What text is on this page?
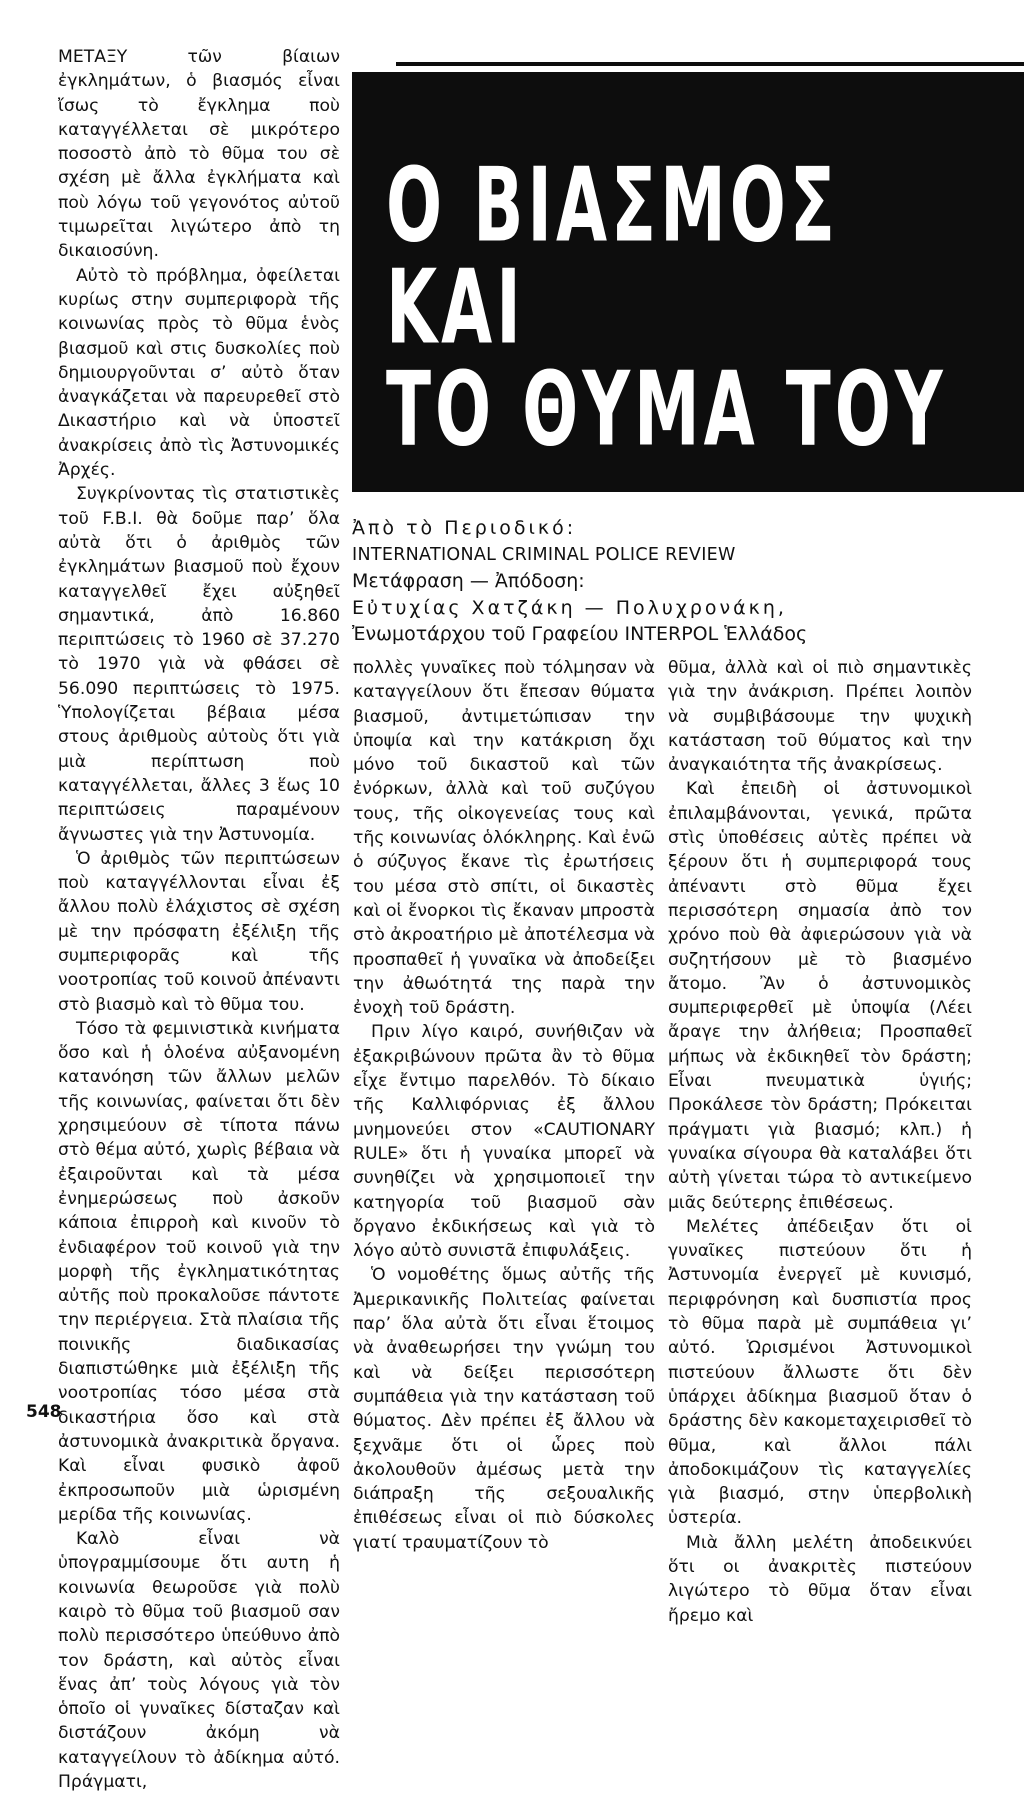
ΜΕΤΑΞΥ τῶν βίαιων ἐγκλημάτων, ὁ βιασμός εἶναι ἴσως τὸ ἔγκλημα ποὺ καταγγέλλεται σὲ μικρότερο ποσοστὸ ἀπὸ τὸ θῦμα του σὲ σχέση μὲ ἄλλα ἐγκλήματα καὶ ποὺ λόγω τοῦ γεγονότος αὐτοῦ τιμωρεῖται λιγώτερο ἀπὸ τη δικαιοσύνη.

Αὐτὸ τὸ πρόβλημα, ὀφείλεται κυρίως στην συμπεριφορὰ τῆς κοινωνίας πρὸς τὸ θῦμα ἑνὸς βιασμοῦ καὶ στις δυσκολίες ποὺ δημιουργοῦνται σ’ αὐτὸ ὅταν ἀναγκάζεται νὰ παρευρεθεῖ στὸ Δικαστήριο καὶ νὰ ὑποστεῖ ἀνακρίσεις ἀπὸ τὶς Ἀστυνομικές Ἀρχές.

Συγκρίνοντας τὶς στατιστικὲς τοῦ F.B.I. θὰ δοῦμε παρ’ ὅλα αὐτὰ ὅτι ὁ ἀριθμὸς τῶν ἐγκλημάτων βιασμοῦ ποὺ ἔχουν καταγγελθεῖ ἔχει αὐξηθεῖ σημαντικά, ἀπὸ 16.860 περιπτώσεις τὸ 1960 σὲ 37.270 τὸ 1970 γιὰ νὰ φθάσει σὲ 56.090 περιπτώσεις τὸ 1975. Ὑπολογίζεται βέβαια μέσα στους ἀριθμοὺς αὐτοὺς ὅτι γιὰ μιὰ περίπτωση ποὺ καταγγέλλεται, ἄλλες 3 ἕως 10 περιπτώσεις παραμένουν ἄγνωστες γιὰ την Ἀστυνομία.

Ὁ ἀριθμὸς τῶν περιπτώσεων ποὺ καταγγέλλονται εἶναι ἐξ ἄλλου πολὺ ἐλάχιστος σὲ σχέση μὲ την πρόσφατη ἐξέλιξη τῆς συμπεριφορᾶς καὶ τῆς νοοτροπίας τοῦ κοινοῦ ἀπέναντι στὸ βιασμὸ καὶ τὸ θῦμα του.

Τόσο τὰ φεμινιστικὰ κινήματα ὅσο καὶ ἡ ὁλοένα αὐξανομένη κατανόηση τῶν ἄλλων μελῶν τῆς κοινωνίας, φαίνεται ὅτι δὲν χρησιμεύουν σὲ τίποτα πάνω στὸ θέμα αὐτό, χωρὶς βέβαια νὰ ἐξαιροῦνται καὶ τὰ μέσα ἐνημερώσεως ποὺ ἀσκοῦν κάποια ἐπιρροὴ καὶ κινοῦν τὸ ἐνδιαφέρον τοῦ κοινοῦ γιὰ την μορφὴ τῆς ἐγκληματικότητας αὐτῆς ποὺ προκαλοῦσε πάντοτε την περιέργεια. Στὰ πλαίσια τῆς ποινικῆς διαδικασίας διαπιστώθηκε μιὰ ἐξέλιξη τῆς νοοτροπίας τόσο μέσα στὰ δικαστήρια ὅσο καὶ στὰ ἀστυνομικὰ ἀνακριτικὰ ὄργανα. Καὶ εἶναι φυσικὸ ἀφοῦ ἐκπροσωποῦν μιὰ ὡρισμένη μερίδα τῆς κοινωνίας.

Καλὸ εἶναι νὰ ὑπογραμμίσουμε ὅτι αυτη ἡ κοινωνία θεωροῦσε γιὰ πολὺ καιρὸ τὸ θῦμα τοῦ βιασμοῦ σαν πολὺ περισσότερο ὑπεύθυνο ἀπὸ τον δράστη, καὶ αὐτὸς εἶναι ἕνας ἀπ’ τοὺς λόγους γιὰ τὸν ὁποῖο οἱ γυναῖκες δίσταζαν καὶ διστάζουν ἀκόμη νὰ καταγγείλουν τὸ ἀδίκημα αὐτό. Πράγματι,

Ο ΒΙΑΣΜΟΣ
ΚΑΙ
ΤΟ ΘΥΜΑ ΤΟΥ
Ἀπὸ τὸ Περιοδικό:
INTERNATIONAL CRIMINAL POLICE REVIEW
Μετάφραση — Ἀπόδοση:
Εὐτυχίας Χατζάκη — Πολυχρονάκη,
Ἐνωμοτάρχου τοῦ Γραφείου INTERPOL Ἑλλάδος

πολλὲς γυναῖκες ποὺ τόλμησαν νὰ καταγγείλουν ὅτι ἔπεσαν θύματα βιασμοῦ, ἀντιμετώπισαν την ὑποψία καὶ την κατάκριση ὄχι μόνο τοῦ δικαστοῦ καὶ τῶν ἐνόρκων, ἀλλὰ καὶ τοῦ συζύγου τους, τῆς οἰκογενείας τους καὶ τῆς κοινωνίας ὁλόκληρης. Καὶ ἐνῶ ὁ σύζυγος ἔκανε τὶς ἐρωτήσεις του μέσα στὸ σπίτι, οἱ δικαστὲς καὶ οἱ ἔνορκοι τὶς ἔκαναν μπροστὰ στὸ ἀκροατήριο μὲ ἀποτέλεσμα νὰ προσπαθεῖ ἡ γυναῖκα νὰ ἀποδείξει την ἀθωότητά της παρὰ την ἐνοχὴ τοῦ δράστη.

Πριν λίγο καιρό, συνήθιζαν νὰ ἐξακριβώνουν πρῶτα ἂν τὸ θῦμα εἶχε ἔντιμο παρελθόν. Τὸ δίκαιο τῆς Καλλιφόρνιας ἐξ ἄλλου μνημονεύει στον «CAUTIONARY RULE» ὅτι ἡ γυναίκα μπορεῖ νὰ συνηθίζει νὰ χρησιμοποιεῖ την κατηγορία τοῦ βιασμοῦ σὰν ὄργανο ἐκδικήσεως καὶ γιὰ τὸ λόγο αὐτὸ συνιστᾶ ἐπιφυλάξεις.

Ὁ νομοθέτης ὅμως αὐτῆς τῆς Ἀμερικανικῆς Πολιτείας φαίνεται παρ’ ὅλα αὐτὰ ὅτι εἶναι ἕτοιμος νὰ ἀναθεωρήσει την γνώμη του καὶ νὰ δείξει περισσότερη συμπάθεια γιὰ την κατάσταση τοῦ θύματος. Δὲν πρέπει ἐξ ἄλλου νὰ ξεχνᾶμε ὅτι οἱ ὧρες ποὺ ἀκολουθοῦν ἀμέσως μετὰ την διάπραξη τῆς σεξουαλικῆς ἐπιθέσεως εἶναι οἱ πιὸ δύσκολες γιατί τραυματίζουν τὸ

θῦμα, ἀλλὰ καὶ οἱ πιὸ σημαντικὲς γιὰ την ἀνάκριση. Πρέπει λοιπὸν νὰ συμβιβάσουμε την ψυχικὴ κατάσταση τοῦ θύματος καὶ την ἀναγκαιότητα τῆς ἀνακρίσεως.

Καὶ ἐπειδὴ οἱ ἀστυνομικοὶ ἐπιλαμβάνονται, γενικά, πρῶτα στὶς ὑποθέσεις αὐτὲς πρέπει νὰ ξέρουν ὅτι ἡ συμπεριφορά τους ἀπέναντι στὸ θῦμα ἔχει περισσότερη σημασία ἀπὸ τον χρόνο ποὺ θὰ ἀφιερώσουν γιὰ νὰ συζητήσουν μὲ τὸ βιασμένο ἄτομο. Ἂν ὁ ἀστυνομικὸς συμπεριφερθεῖ μὲ ὑποψία (Λέει ἄραγε την ἀλήθεια; Προσπαθεῖ μήπως νὰ ἐκδικηθεῖ τὸν δράστη; Εἶναι πνευματικὰ ὑγιής; Προκάλεσε τὸν δράστη; Πρόκειται πράγματι γιὰ βιασμό; κλπ.) ἡ γυναίκα σίγουρα θὰ καταλάβει ὅτι αὐτὴ γίνεται τώρα τὸ αντικείμενο μιᾶς δεύτερης ἐπιθέσεως.

Μελέτες ἀπέδειξαν ὅτι οἱ γυναῖκες πιστεύουν ὅτι ἡ Ἀστυνομία ἐνεργεῖ μὲ κυνισμό, περιφρόνηση καὶ δυσπιστία προς τὸ θῦμα παρὰ μὲ συμπάθεια γι’ αὐτό. Ὡρισμένοι Ἀστυνομικοὶ πιστεύουν ἄλλωστε ὅτι δὲν ὑπάρχει ἀδίκημα βιασμοῦ ὅταν ὁ δράστης δὲν κακομεταχειρισθεῖ τὸ θῦμα, καὶ ἄλλοι πάλι ἀποδοκιμάζουν τὶς καταγγελίες γιὰ βιασμό, στην ὑπερβολικὴ ὑστερία.

Μιὰ ἄλλη μελέτη ἀποδεικνύει ὅτι οι ἀνακριτὲς πιστεύουν λιγώτερο τὸ θῦμα ὅταν εἶναι ἤρεμο καὶ

548
